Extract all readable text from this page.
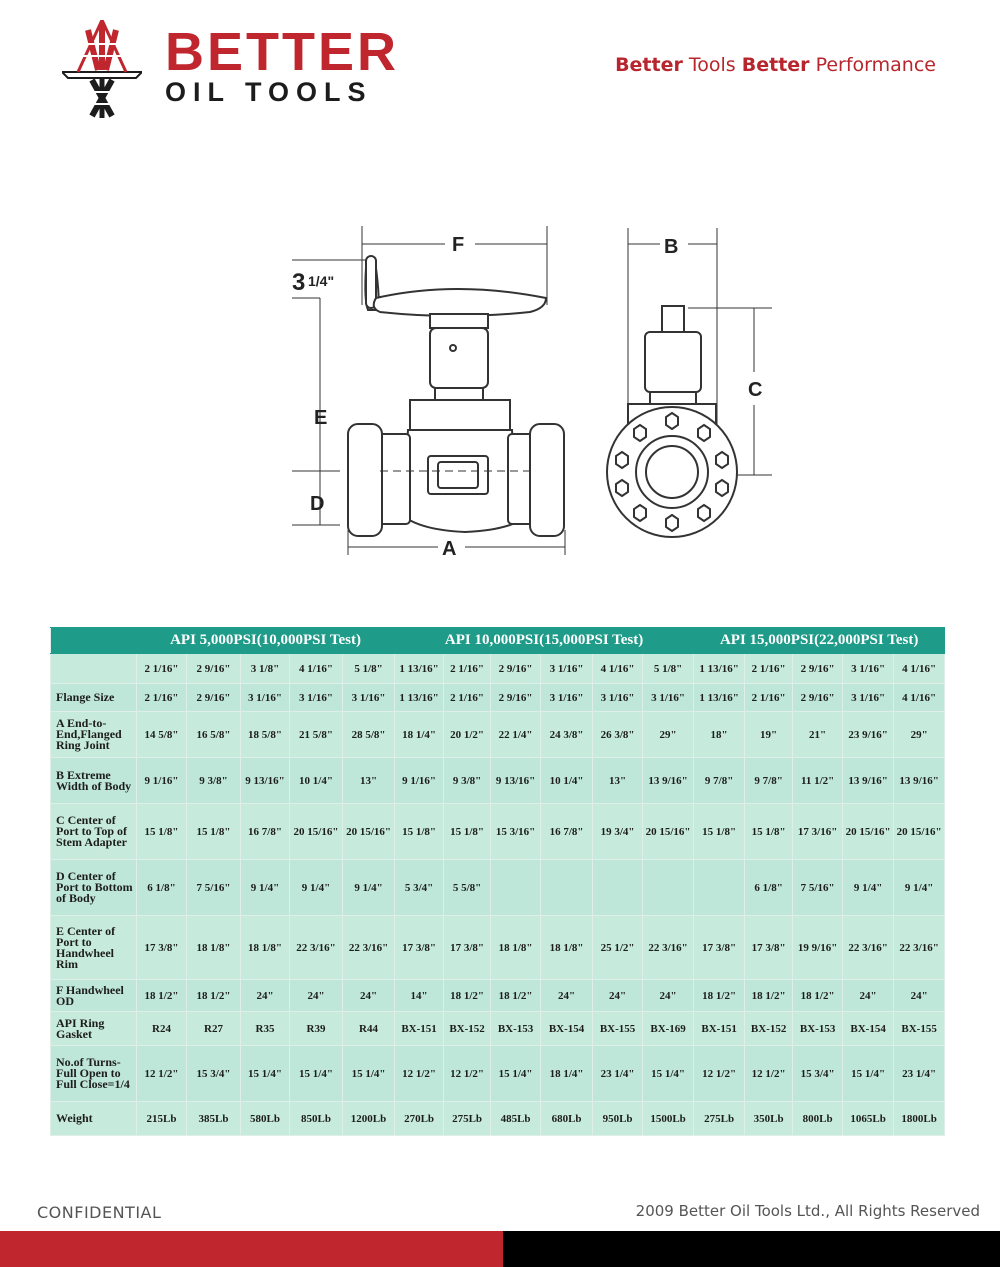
BETTER
OIL TOOLS
Better Tools Better Performance
F	B
C
E
D
A
3 1/4"
	API 5,000PSI(10,000PSI Test)					API 10,000PSI(15,000PSI Test)						API 15,000PSI(22,000PSI Test)				
	2 1/16"	2 9/16"	3 1/8"	4 1/16"	5 1/8"	1 13/16"	2 1/16"	2 9/16"	3 1/16"	4 1/16"	5 1/8"	1 13/16"	2 1/16"	2 9/16"	3 1/16"	4 1/16"
Flange Size	2 1/16"	2 9/16"	3 1/16"	3 1/16"	3 1/16"	1 13/16"	2 1/16"	2 9/16"	3 1/16"	3 1/16"	3 1/16"	1 13/16"	2 1/16"	2 9/16"	3 1/16"	4 1/16"
A End-to-End,Flanged Ring Joint	14 5/8"	16 5/8"	18 5/8"	21 5/8"	28 5/8"	18 1/4"	20 1/2"	22 1/4"	24 3/8"	26 3/8"	29"	18"	19"	21"	23 9/16"	29"
B Extreme Width of Body	9 1/16"	9 3/8"	9 13/16"	10 1/4"	13"	9 1/16"	9 3/8"	9 13/16"	10 1/4"	13"	13 9/16"	9 7/8"	9 7/8"	11 1/2"	13 9/16"	13 9/16"
C Center of Port to Top of Stem Adapter	15 1/8"	15 1/8"	16 7/8"	20 15/16"	20 15/16"	15 1/8"	15 1/8"	15 3/16"	16 7/8"	19 3/4"	20 15/16"	15 1/8"	15 1/8"	17 3/16"	20 15/16"	20 15/16"
D Center of Port to Bottom of Body	6 1/8"	7 5/16"	9 1/4"	9 1/4"	9 1/4"	5 3/4"	5 5/8"						6 1/8"	7 5/16"	9 1/4"	9 1/4"
E Center of Port to Handwheel Rim	17 3/8"	18 1/8"	18 1/8"	22 3/16"	22 3/16"	17 3/8"	17 3/8"	18 1/8"	18 1/8"	25 1/2"	22 3/16"	17 3/8"	17 3/8"	19 9/16"	22 3/16"	22 3/16"
F Handwheel OD	18 1/2"	18 1/2"	24"	24"	24"	14"	18 1/2"	18 1/2"	24"	24"	24"	18 1/2"	18 1/2"	18 1/2"	24"	24"
API Ring Gasket	R24	R27	R35	R39	R44	BX-151	BX-152	BX-153	BX-154	BX-155	BX-169	BX-151	BX-152	BX-153	BX-154	BX-155
No.of Turns-Full Open to Full Close=1/4	12 1/2"	15 3/4"	15 1/4"	15 1/4"	15 1/4"	12 1/2"	12 1/2"	15 1/4"	18 1/4"	23 1/4"	15 1/4"	12 1/2"	12 1/2"	15 3/4"	15 1/4"	23 1/4"
Weight	215Lb	385Lb	580Lb	850Lb	1200Lb	270Lb	275Lb	485Lb	680Lb	950Lb	1500Lb	275Lb	350Lb	800Lb	1065Lb	1800Lb
CONFIDENTIAL	2009 Better Oil Tools Ltd., All Rights Reserved
